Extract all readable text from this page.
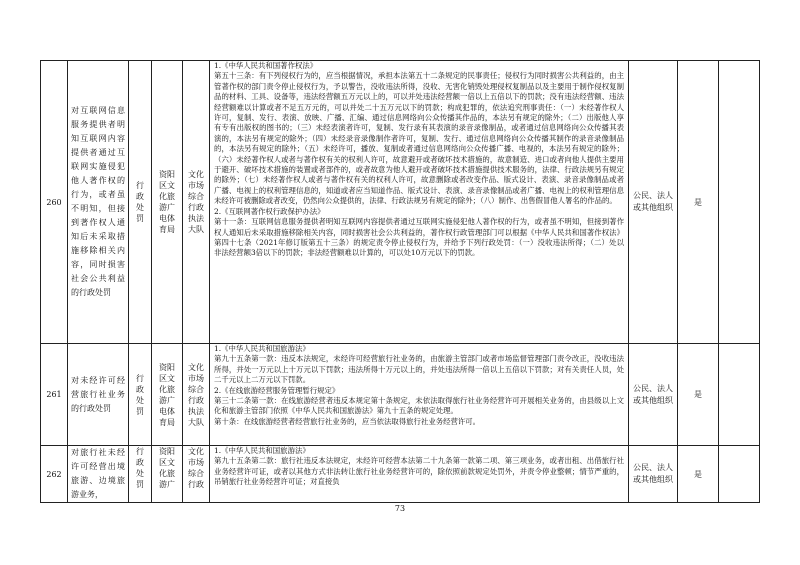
260	对互联网信息服务提供者明知互联网内容提供者通过互联网实施侵犯他人著作权的行为，或者虽不明知，但接到著作权人通知后未采取措施移除相关内容，同时损害社会公共利益的行政处罚	行政处罚	资阳区文化旅游广电体育局	文化市场综合行政执法大队	1.《中华人民共和国著作权法》

第五十三条：有下列侵权行为的，应当根据情况，承担本法第五十二条规定的民事责任；侵权行为同时损害公共利益的，由主管著作权的部门责令停止侵权行为，予以警告，没收违法所得，没收、无害化销毁处理侵权复制品以及主要用于制作侵权复制品的材料、工具、设备等，违法经营额五万元以上的，可以并处违法经营额一倍以上五倍以下的罚款；没有违法经营额、违法经营额难以计算或者不足五万元的，可以并处二十五万元以下的罚款；构成犯罪的，依法追究刑事责任：（一）未经著作权人许可，复制、发行、表演、放映、广播、汇编、通过信息网络向公众传播其作品的，本法另有规定的除外；（二）出版他人享有专有出版权的图书的；（三）未经表演者许可，复制、发行录有其表演的录音录像制品，或者通过信息网络向公众传播其表演的，本法另有规定的除外；（四）未经录音录像制作者许可，复制、发行、通过信息网络向公众传播其制作的录音录像制品的，本法另有规定的除外；（五）未经许可，播放、复制或者通过信息网络向公众传播广播、电视的，本法另有规定的除外；（六）未经著作权人或者与著作权有关的权利人许可，故意避开或者破坏技术措施的，故意制造、进口或者向他人提供主要用于避开、破坏技术措施的装置或者部件的，或者故意为他人避开或者破坏技术措施提供技术服务的，法律、行政法规另有规定的除外；（七）未经著作权人或者与著作权有关的权利人许可，故意删除或者改变作品、版式设计、表演、录音录像制品或者广播、电视上的权利管理信息的，知道或者应当知道作品、版式设计、表演、录音录像制品或者广播、电视上的权利管理信息未经许可被删除或者改变，仍然向公众提供的，法律、行政法规另有规定的除外；（八）制作、出售假冒他人署名的作品的。

2.《互联网著作权行政保护办法》

第十一条：互联网信息服务提供者明知互联网内容提供者通过互联网实施侵犯他人著作权的行为，或者虽不明知，但接到著作权人通知后未采取措施移除相关内容，同时损害社会公共利益的，著作权行政管理部门可以根据《中华人民共和国著作权法》第四十七条（2021年修订版第五十三条）的规定责令停止侵权行为，并给予下列行政处罚：（一）没收违法所得；（二）处以非法经营额3倍以下的罚款；非法经营额难以计算的，可以处10万元以下的罚款。	公民、法人或其他组织	是	
261	对未经许可经营旅行社业务的行政处罚	行政处罚	资阳区文化旅游广电体育局	文化市场综合行政执法大队	1.《中华人民共和国旅游法》

第九十五条第一款：违反本法规定，未经许可经营旅行社业务的，由旅游主管部门或者市场监督管理部门责令改正，没收违法所得，并处一万元以上十万元以下罚款；违法所得十万元以上的，并处违法所得一倍以上五倍以下罚款；对有关责任人员，处二千元以上二万元以下罚款。

2.《在线旅游经营服务管理暂行规定》

第三十二条第一款：在线旅游经营者违反本规定第十条规定，未依法取得旅行社业务经营许可开展相关业务的，由县级以上文化和旅游主管部门依照《中华人民共和国旅游法》第九十五条的规定处理。

第十条：在线旅游经营者经营旅行社业务的，应当依法取得旅行社业务经营许可。	公民、法人或其他组织	是	
262	对旅行社未经许可经营出境旅游、边境旅游业务，	行政处罚	资阳区文化旅游广	文化市场综合行政	1.《中华人民共和国旅游法》

第九十五条第二款：旅行社违反本法规定，未经许可经营本法第二十九条第一款第二项、第三项业务，或者出租、出借旅行社业务经营许可证，或者以其他方式非法转让旅行社业务经营许可的，除依照前款规定处罚外，并责令停业整顿；情节严重的，吊销旅行社业务经营许可证；对直接负	公民、法人或其他组织	是	
73
